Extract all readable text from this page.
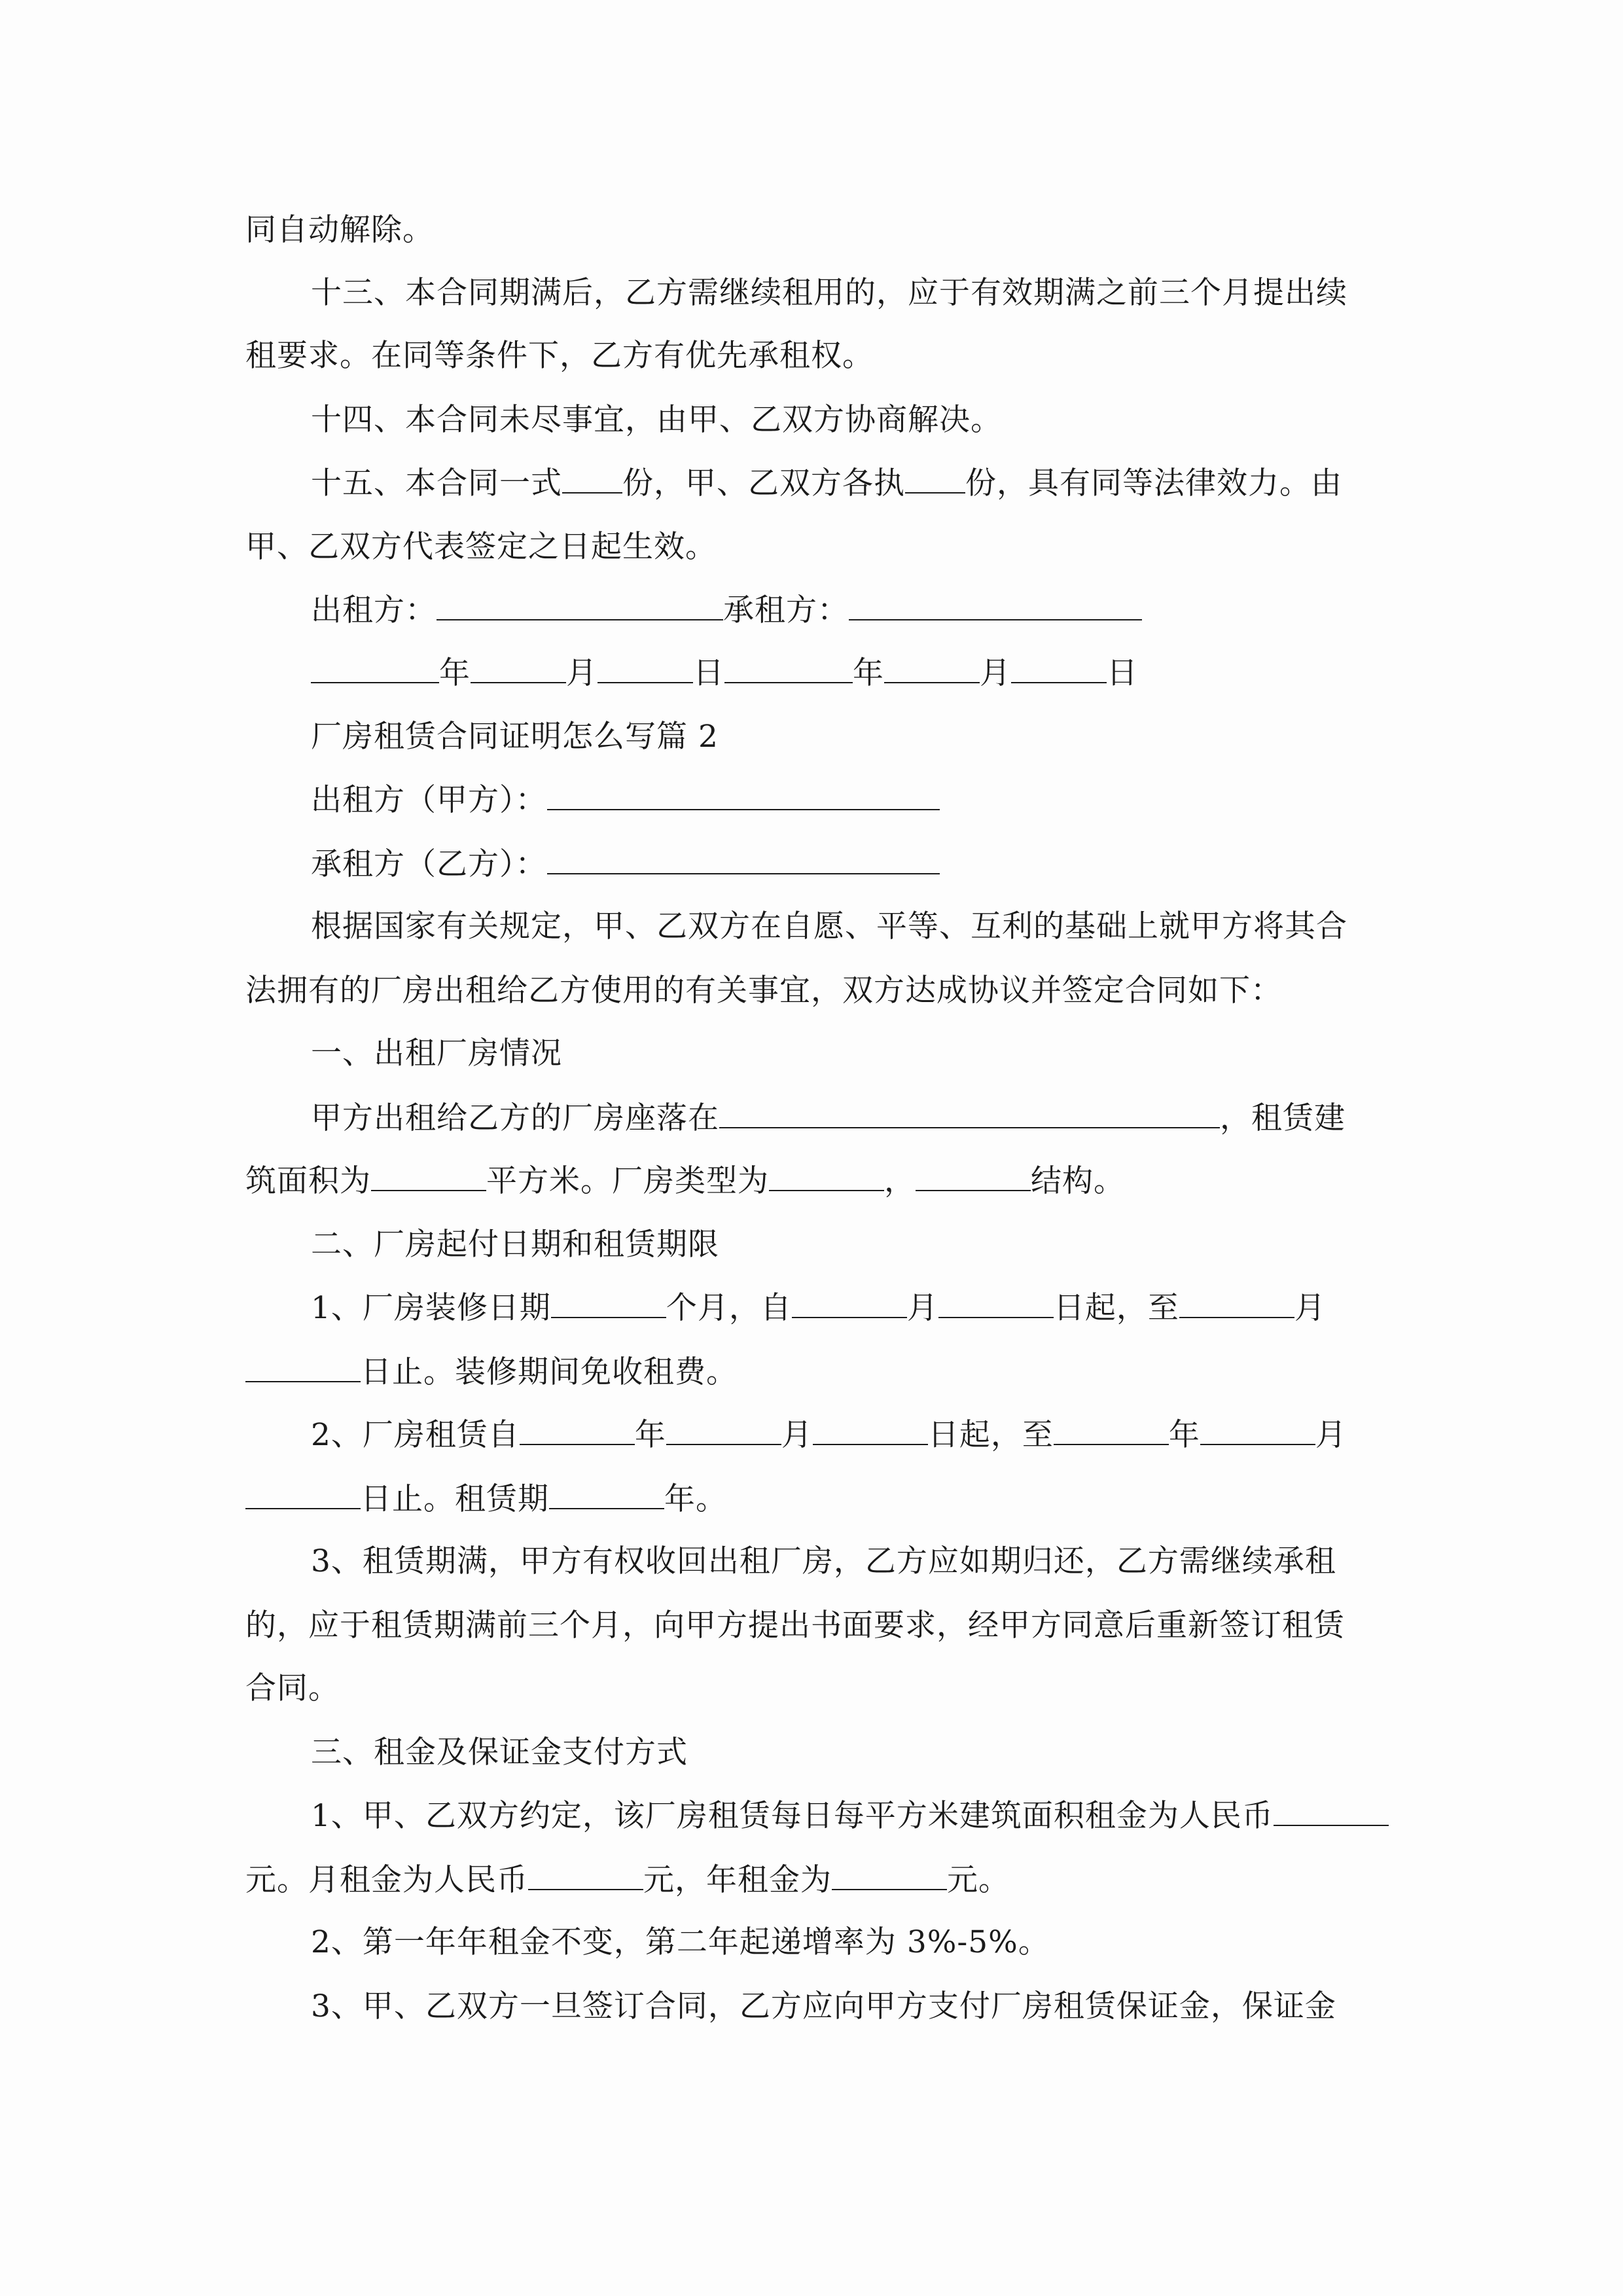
同自动解除。
十三、本合同期满后，乙方需继续租用的，应于有效期满之前三个月提出续
租要求。在同等条件下，乙方有优先承租权。
十四、本合同未尽事宜，由甲、乙双方协商解决。
十五、本合同一式 份，甲、乙双方各执 份，具有同等法律效力。由
甲、乙双方代表签定之日起生效。
出租方：	承租方：
年	月	日	年	月	日
厂房租赁合同证明怎么写篇 2
出租方（甲方）：
承租方（乙方）：
根据国家有关规定，甲、乙双方在自愿、平等、互利的基础上就甲方将其合
法拥有的厂房出租给乙方使用的有关事宜，双方达成协议并签定合同如下：
一、出租厂房情况
甲方出租给乙方的厂房座落在	，租赁建
筑面积为	平方米。厂房类型为	，	结构。
二、厂房起付日期和租赁期限
1、厂房装修日期	个月，自	月	日起，至	月
日止。装修期间免收租费。
2、厂房租赁自	年	月	日起，至	年	月
日止。租赁期	年。
3、租赁期满，甲方有权收回出租厂房，乙方应如期归还，乙方需继续承租
的，应于租赁期满前三个月，向甲方提出书面要求，经甲方同意后重新签订租赁
合同。
三、租金及保证金支付方式
1、甲、乙双方约定，该厂房租赁每日每平方米建筑面积租金为人民币
元。月租金为人民币	元，年租金为	元。
2、第一年年租金不变，第二年起递增率为 3%-5%。
3、甲、乙双方一旦签订合同，乙方应向甲方支付厂房租赁保证金，保证金
